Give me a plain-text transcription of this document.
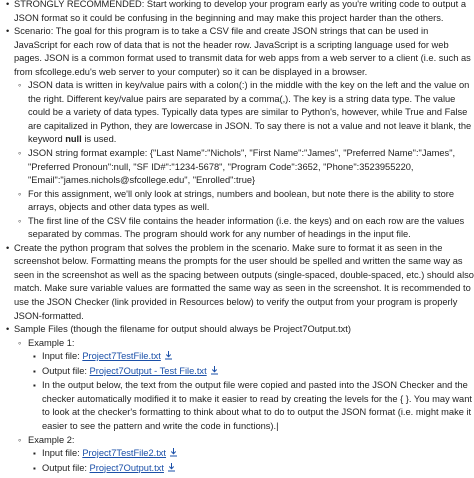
• STRONGLY RECOMMENDED: Start working to develop your program early as you're writing code to output a JSON format so it could be confusing in the beginning and may make this project harder than the others.
• Scenario: The goal for this program is to take a CSV file and create JSON strings that can be used in JavaScript for each row of data that is not the header row. JavaScript is a scripting language used for web pages. JSON is a common format used to transmit data for web apps from a web server to a client (i.e. such as from sfcollege.edu's web server to your computer) so it can be displayed in a browser.
◦ JSON data is written in key/value pairs with a colon(:) in the middle with the key on the left and the value on the right. Different key/value pairs are separated by a comma(,). The key is a string data type. The value could be a variety of data types. Typically data types are similar to Python's, however, while True and False are capitalized in Python, they are lowercase in JSON. To say there is not a value and not leave it blank, the keyword null is used.
◦ JSON string format example: {"Last Name":"Nichols", "First Name":"James", "Preferred Name":"James", "Preferred Pronoun":null, "SF ID#":"1234-5678", "Program Code":3652, "Phone":3523955220, "Email":"james.nichols@sfcollege.edu", "Enrolled":true}
◦ For this assignment, we'll only look at strings, numbers and boolean, but note there is the ability to store arrays, objects and other data types as well.
◦ The first line of the CSV file contains the header information (i.e. the keys) and on each row are the values separated by commas. The program should work for any number of headings in the input file.
• Create the python program that solves the problem in the scenario. Make sure to format it as seen in the screenshot below. Formatting means the prompts for the user should be spelled and written the same way as seen in the screenshot as well as the spacing between outputs (single-spaced, double-spaced, etc.) should also match. Make sure variable values are formatted the same way as seen in the screenshot. It is recommended to use the JSON Checker (link provided in Resources below) to verify the output from your program is properly JSON-formatted.
• Sample Files (though the filename for output should always be Project7Output.txt)
◦ Example 1:
▪ Input file: Project7TestFile.txt
▪ Output file: Project7Output - Test File.txt
▪ In the output below, the text from the output file were copied and pasted into the JSON Checker and the checker automatically modified it to make it easier to read by creating the levels for the { }. You may want to look at the checker's formatting to think about what to do to output the JSON format (i.e. might make it easier to see the pattern and write the code in functions).|
◦ Example 2:
▪ Input file: Project7TestFile2.txt
▪ Output file: Project7Output.txt
